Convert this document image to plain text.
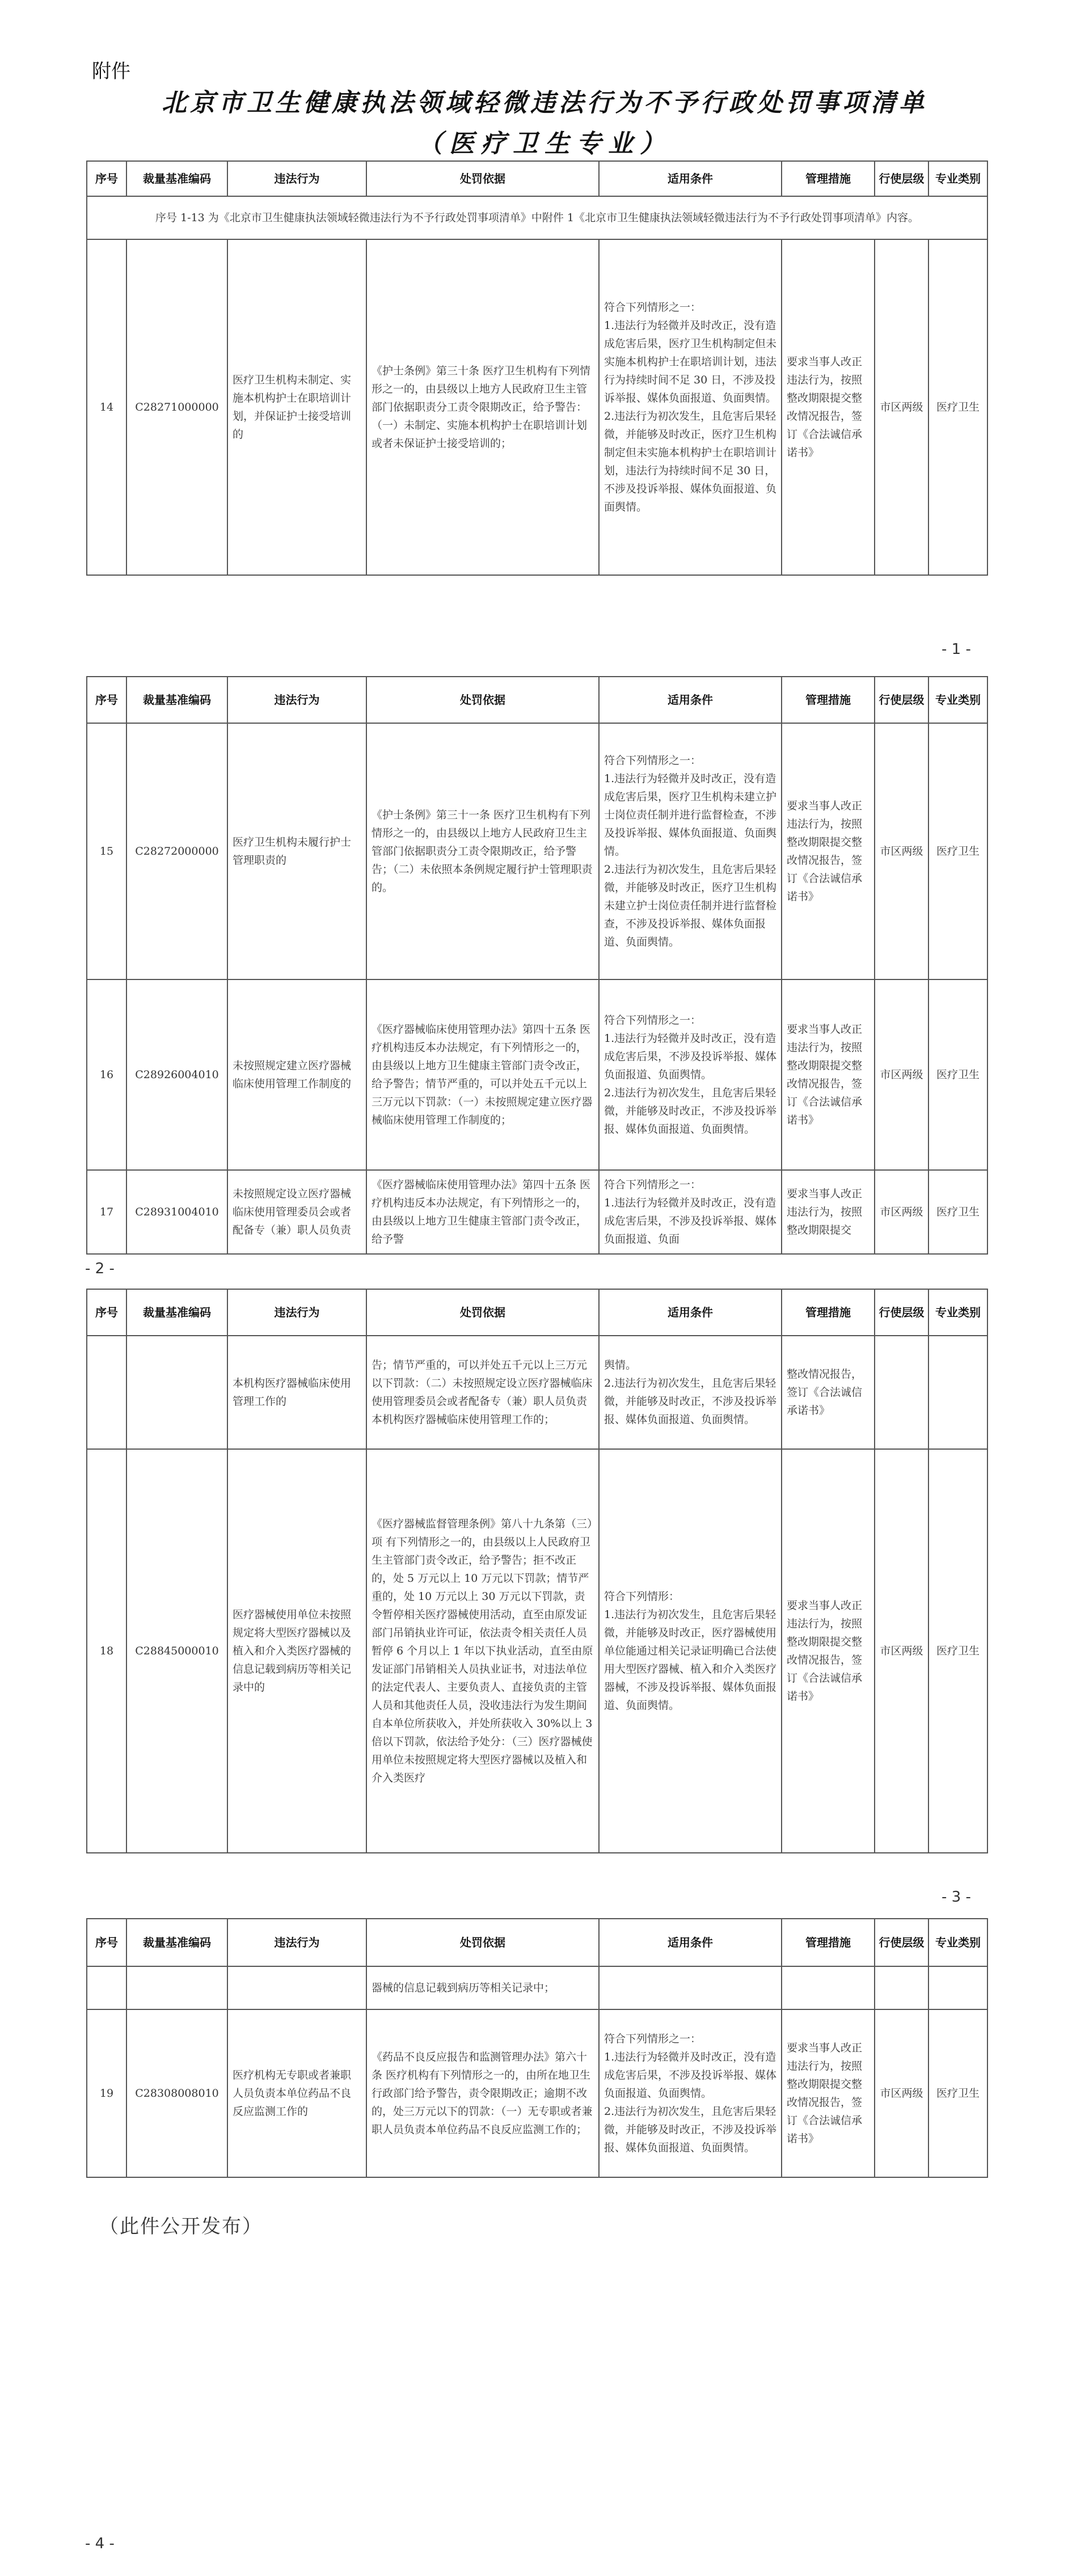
附件
北京市卫生健康执法领域轻微违法行为不予行政处罚事项清单
（医疗卫生专业）
序号	裁量基准编码	违法行为	处罚依据	适用条件	管理措施	行使层级	专业类别
序号 1-13 为《北京市卫生健康执法领域轻微违法行为不予行政处罚事项清单》中附件 1《北京市卫生健康执法领域轻微违法行为不予行政处罚事项清单》内容。							
14	C28271000000	医疗卫生机构未制定、实施本机构护士在职培训计划，并保证护士接受培训的	《护士条例》第三十条 医疗卫生机构有下列情形之一的，由县级以上地方人民政府卫生主管部门依据职责分工责令限期改正，给予警告：（一）未制定、实施本机构护士在职培训计划或者未保证护士接受培训的；	符合下列情形之一：
1.违法行为轻微并及时改正，没有造成危害后果，医疗卫生机构制定但未实施本机构护士在职培训计划，违法行为持续时间不足 30 日，不涉及投诉举报、媒体负面报道、负面舆情。
2.违法行为初次发生，且危害后果轻微，并能够及时改正，医疗卫生机构制定但未实施本机构护士在职培训计划，违法行为持续时间不足 30 日，不涉及投诉举报、媒体负面报道、负面舆情。	要求当事人改正违法行为，按照整改期限提交整改情况报告，签订《合法诚信承诺书》	市区两级	医疗卫生
- 1 -
序号	裁量基准编码	违法行为	处罚依据	适用条件	管理措施	行使层级	专业类别
15	C28272000000	医疗卫生机构未履行护士管理职责的	《护士条例》第三十一条 医疗卫生机构有下列情形之一的，由县级以上地方人民政府卫生主管部门依据职责分工责令限期改正，给予警告；（二）未依照本条例规定履行护士管理职责的。	符合下列情形之一：
1.违法行为轻微并及时改正，没有造成危害后果，医疗卫生机构未建立护士岗位责任制并进行监督检查，不涉及投诉举报、媒体负面报道、负面舆情。
2.违法行为初次发生，且危害后果轻微，并能够及时改正，医疗卫生机构未建立护士岗位责任制并进行监督检查，不涉及投诉举报、媒体负面报道、负面舆情。	要求当事人改正违法行为，按照整改期限提交整改情况报告，签订《合法诚信承诺书》	市区两级	医疗卫生
16	C28926004010	未按照规定建立医疗器械临床使用管理工作制度的	《医疗器械临床使用管理办法》第四十五条 医疗机构违反本办法规定，有下列情形之一的，由县级以上地方卫生健康主管部门责令改正，给予警告；情节严重的，可以并处五千元以上三万元以下罚款：（一）未按照规定建立医疗器械临床使用管理工作制度的；	符合下列情形之一：
1.违法行为轻微并及时改正，没有造成危害后果，不涉及投诉举报、媒体负面报道、负面舆情。
2.违法行为初次发生，且危害后果轻微，并能够及时改正，不涉及投诉举报、媒体负面报道、负面舆情。	要求当事人改正违法行为，按照整改期限提交整改情况报告，签订《合法诚信承诺书》	市区两级	医疗卫生
17	C28931004010	未按照规定设立医疗器械临床使用管理委员会或者配备专（兼）职人员负责	《医疗器械临床使用管理办法》第四十五条 医疗机构违反本办法规定，有下列情形之一的，由县级以上地方卫生健康主管部门责令改正，给予警	符合下列情形之一：
1.违法行为轻微并及时改正，没有造成危害后果，不涉及投诉举报、媒体负面报道、负面	要求当事人改正违法行为，按照整改期限提交	市区两级	医疗卫生
- 2 -
序号	裁量基准编码	违法行为	处罚依据	适用条件	管理措施	行使层级	专业类别
		本机构医疗器械临床使用管理工作的	告；情节严重的，可以并处五千元以上三万元以下罚款：（二）未按照规定设立医疗器械临床使用管理委员会或者配备专（兼）职人员负责本机构医疗器械临床使用管理工作的；	舆情。
2.违法行为初次发生，且危害后果轻微，并能够及时改正，不涉及投诉举报、媒体负面报道、负面舆情。	整改情况报告，签订《合法诚信承诺书》		
18	C28845000010	医疗器械使用单位未按照规定将大型医疗器械以及植入和介入类医疗器械的信息记载到病历等相关记录中的	《医疗器械监督管理条例》第八十九条第（三）项 有下列情形之一的，由县级以上人民政府卫生主管部门责令改正，给予警告；拒不改正的，处 5 万元以上 10 万元以下罚款；情节严重的，处 10 万元以上 30 万元以下罚款，责令暂停相关医疗器械使用活动，直至由原发证部门吊销执业许可证，依法责令相关责任人员暂停 6 个月以上 1 年以下执业活动，直至由原发证部门吊销相关人员执业证书，对违法单位的法定代表人、主要负责人、直接负责的主管人员和其他责任人员，没收违法行为发生期间自本单位所获收入，并处所获收入 30%以上 3 倍以下罚款，依法给予处分：（三）医疗器械使用单位未按照规定将大型医疗器械以及植入和介入类医疗	符合下列情形：
1.违法行为初次发生，且危害后果轻微，并能够及时改正，医疗器械使用单位能通过相关记录证明确已合法使用大型医疗器械、植入和介入类医疗器械，不涉及投诉举报、媒体负面报道、负面舆情。	要求当事人改正违法行为，按照整改期限提交整改情况报告，签订《合法诚信承诺书》	市区两级	医疗卫生
- 3 -
序号	裁量基准编码	违法行为	处罚依据	适用条件	管理措施	行使层级	专业类别
			器械的信息记载到病历等相关记录中；				
19	C28308008010	医疗机构无专职或者兼职人员负责本单位药品不良反应监测工作的	《药品不良反应报告和监测管理办法》第六十条 医疗机构有下列情形之一的，由所在地卫生行政部门给予警告，责令限期改正；逾期不改的，处三万元以下的罚款：（一）无专职或者兼职人员负责本单位药品不良反应监测工作的；	符合下列情形之一：
1.违法行为轻微并及时改正，没有造成危害后果，不涉及投诉举报、媒体负面报道、负面舆情。
2.违法行为初次发生，且危害后果轻微，并能够及时改正，不涉及投诉举报、媒体负面报道、负面舆情。	要求当事人改正违法行为，按照整改期限提交整改情况报告，签订《合法诚信承诺书》	市区两级	医疗卫生
（此件公开发布）
- 4 -
